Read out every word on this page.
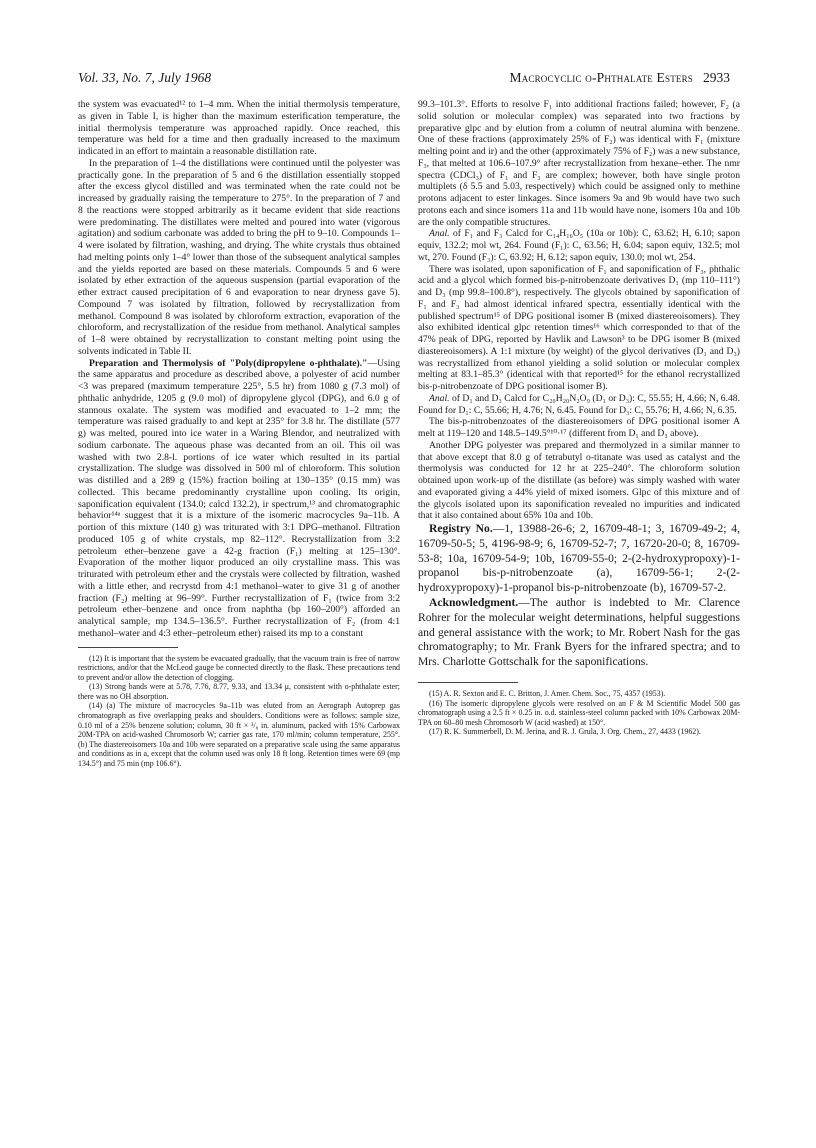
Vol. 33, No. 7, July 1968	Macrocyclic o-Phthalate Esters 2933

the system was evacuated¹² to 1–4 mm. When the initial thermolysis temperature, as given in Table I, is higher than the maximum esterification temperature, the initial thermolysis temperature was approached rapidly. Once reached, this temperature was held for a time and then gradually increased to the maximum indicated in an effort to maintain a reasonable distillation rate.

In the preparation of 1–4 the distillations were continued until the polyester was practically gone. In the preparation of 5 and 6 the distillation essentially stopped after the excess glycol distilled and was terminated when the rate could not be increased by gradually raising the temperature to 275°. In the preparation of 7 and 8 the reactions were stopped arbitrarily as it became evident that side reactions were predominating. The distillates were melted and poured into water (vigorous agitation) and sodium carbonate was added to bring the pH to 9–10. Compounds 1–4 were isolated by filtration, washing, and drying. The white crystals thus obtained had melting points only 1–4° lower than those of the subsequent analytical samples and the yields reported are based on these materials. Compounds 5 and 6 were isolated by ether extraction of the aqueous suspension (partial evaporation of the ether extract caused precipitation of 6 and evaporation to near dryness gave 5). Compound 7 was isolated by filtration, followed by recrystallization from methanol. Compound 8 was isolated by chloroform extraction, evaporation of the chloroform, and recrystallization of the residue from methanol. Analytical samples of 1–8 were obtained by recrystallization to constant melting point using the solvents indicated in Table II.

Preparation and Thermolysis of "Poly(dipropylene o-phthalate)."—Using the same apparatus and procedure as described above, a polyester of acid number <3 was prepared (maximum temperature 225°, 5.5 hr) from 1080 g (7.3 mol) of phthalic anhydride, 1205 g (9.0 mol) of dipropylene glycol (DPG), and 6.0 g of stannous oxalate. The system was modified and evacuated to 1–2 mm; the temperature was raised gradually to and kept at 235° for 3.8 hr. The distillate (577 g) was melted, poured into ice water in a Waring Blendor, and neutralized with sodium carbonate. The aqueous phase was decanted from an oil. This oil was washed with two 2.8-l. portions of ice water which resulted in its partial crystallization. The sludge was dissolved in 500 ml of chloroform. This solution was distilled and a 289 g (15%) fraction boiling at 130–135° (0.15 mm) was collected. This became predominantly crystalline upon cooling. Its origin, saponification equivalent (134.0; calcd 132.2), ir spectrum,¹³ and chromatographic behavior¹⁴ᵃ suggest that it is a mixture of the isomeric macrocycles 9a–11b. A portion of this mixture (140 g) was triturated with 3:1 DPG–methanol. Filtration produced 105 g of white crystals, mp 82–112°. Recrystallization from 3:2 petroleum ether–benzene gave a 42-g fraction (F₁) melting at 125–130°. Evaporation of the mother liquor produced an oily crystalline mass. This was triturated with petroleum ether and the crystals were collected by filtration, washed with a little ether, and recrystd from 4:1 methanol–water to give 31 g of another fraction (F₂) melting at 96–99°. Further recrystallization of F₁ (twice from 3:2 petroleum ether–benzene and once from naphtha (bp 160–200°) afforded an analytical sample, mp 134.5–136.5°. Further recrystallization of F₂ (from 4:1 methanol–water and 4:3 ether–petroleum ether) raised its mp to a constant

(12) It is important that the system be evacuated gradually, that the vacuum train is free of narrow restrictions, and/or that the McLeod gauge be connected directly to the flask. These precautions tend to prevent and/or allow the detection of clogging.

(13) Strong bands were at 5.78, 7.76, 8.77, 9.33, and 13.34 μ, consistent with o-phthalate ester; there was no OH absorption.

(14) (a) The mixture of macrocycles 9a–11b was eluted from an Aerograph Autoprep gas chromatograph as five overlapping peaks and shoulders. Conditions were as follows: sample size, 0.10 ml of a 25% benzene solution; column, 30 ft × ³/₈ in. aluminum, packed with 15% Carbowax 20M-TPA on acid-washed Chromosorb W; carrier gas rate, 170 ml/min; column temperature, 255°. (b) The diastereoisomers 10a and 10b were separated on a preparative scale using the same apparatus and conditions as in a, except that the column used was only 18 ft long. Retention times were 69 (mp 134.5°) and 75 min (mp 106.6°).

99.3–101.3°. Efforts to resolve F₁ into additional fractions failed; however, F₂ (a solid solution or molecular complex) was separated into two fractions by preparative glpc and by elution from a column of neutral alumina with benzene. One of these fractions (approximately 25% of F₂) was identical with F₁ (mixture melting point and ir) and the other (approximately 75% of F₂) was a new substance, F₃, that melted at 106.6–107.9° after recrystallization from hexane–ether. The nmr spectra (CDCl₃) of F₁ and F₃ are complex; however, both have single proton multiplets (δ 5.5 and 5.03, respectively) which could be assigned only to methine protons adjacent to ester linkages. Since isomers 9a and 9b would have two such protons each and since isomers 11a and 11b would have none, isomers 10a and 10b are the only compatible structures.

Anal. of F₁ and F₃ Calcd for C₁₄H₁₆O₅ (10a or 10b): C, 63.62; H, 6.10; sapon equiv, 132.2; mol wt, 264. Found (F₁): C, 63.56; H, 6.04; sapon equiv, 132.5; mol wt, 270. Found (F₃): C, 63.92; H, 6.12; sapon equiv, 130.0; mol wt, 254.

There was isolated, upon saponification of F₁ and saponification of F₃, phthalic acid and a glycol which formed bis-p-nitrobenzoate derivatives D₁ (mp 110–111°) and D₃ (mp 99.8–100.8°), respectively. The glycols obtained by saponification of F₁ and F₃ had almost identical infrared spectra, essentially identical with the published spectrum¹⁵ of DPG positional isomer B (mixed diastereoisomers). They also exhibited identical glpc retention times¹⁶ which corresponded to that of the 47% peak of DPG, reported by Havlik and Lawson³ to be DPG isomer B (mixed diastereoisomers). A 1:1 mixture (by weight) of the glycol derivatives (D₁ and D₃) was recrystallized from ethanol yielding a solid solution or molecular complex melting at 83.1–85.3° (identical with that reported¹⁵ for the ethanol recrystallized bis-p-nitrobenzoate of DPG positional isomer B).

Anal. of D₁ and D₃ Calcd for C₂₀H₂₀N₂O₉ (D₁ or D₃): C, 55.55; H, 4.66; N, 6.48. Found for D₁: C, 55.66; H, 4.76; N, 6.45. Found for D₃: C, 55.76; H, 4.66; N, 6.35.

The bis-p-nitrobenzoates of the diastereoisomers of DPG positional isomer A melt at 119–120 and 148.5–149.5°¹⁰·¹⁷ (different from D₁ and D₃ above).

Another DPG polyester was prepared and thermolyzed in a similar manner to that above except that 8.0 g of tetrabutyl o-titanate was used as catalyst and the thermolysis was conducted for 12 hr at 225–240°. The chloroform solution obtained upon work-up of the distillate (as before) was simply washed with water and evaporated giving a 44% yield of mixed isomers. Glpc of this mixture and of the glycols isolated upon its saponification revealed no impurities and indicated that it also contained about 65% 10a and 10b.

Registry No.—1, 13988-26-6; 2, 16709-48-1; 3, 16709-49-2; 4, 16709-50-5; 5, 4196-98-9; 6, 16709-52-7; 7, 16720-20-0; 8, 16709-53-8; 10a, 16709-54-9; 10b, 16709-55-0; 2-(2-hydroxypropoxy)-1-propanol bis-p-nitrobenzoate (a), 16709-56-1; 2-(2-hydroxypropoxy)-1-propanol bis-p-nitrobenzoate (b), 16709-57-2.

Acknowledgment.—The author is indebted to Mr. Clarence Rohrer for the molecular weight determinations, helpful suggestions and general assistance with the work; to Mr. Robert Nash for the gas chromatography; to Mr. Frank Byers for the infrared spectra; and to Mrs. Charlotte Gottschalk for the saponifications.

(15) A. R. Sexton and E. C. Britton, J. Amer. Chem. Soc., 75, 4357 (1953).

(16) The isomeric dipropylene glycols were resolved on an F & M Scientific Model 500 gas chromatograph using a 2.5 ft × 0.25 in. o.d. stainless-steel column packed with 10% Carbowax 20M-TPA on 60–80 mesh Chromosorb W (acid washed) at 150°.

(17) R. K. Summerbell, D. M. Jerina, and R. J. Grula, J. Org. Chem., 27, 4433 (1962).
